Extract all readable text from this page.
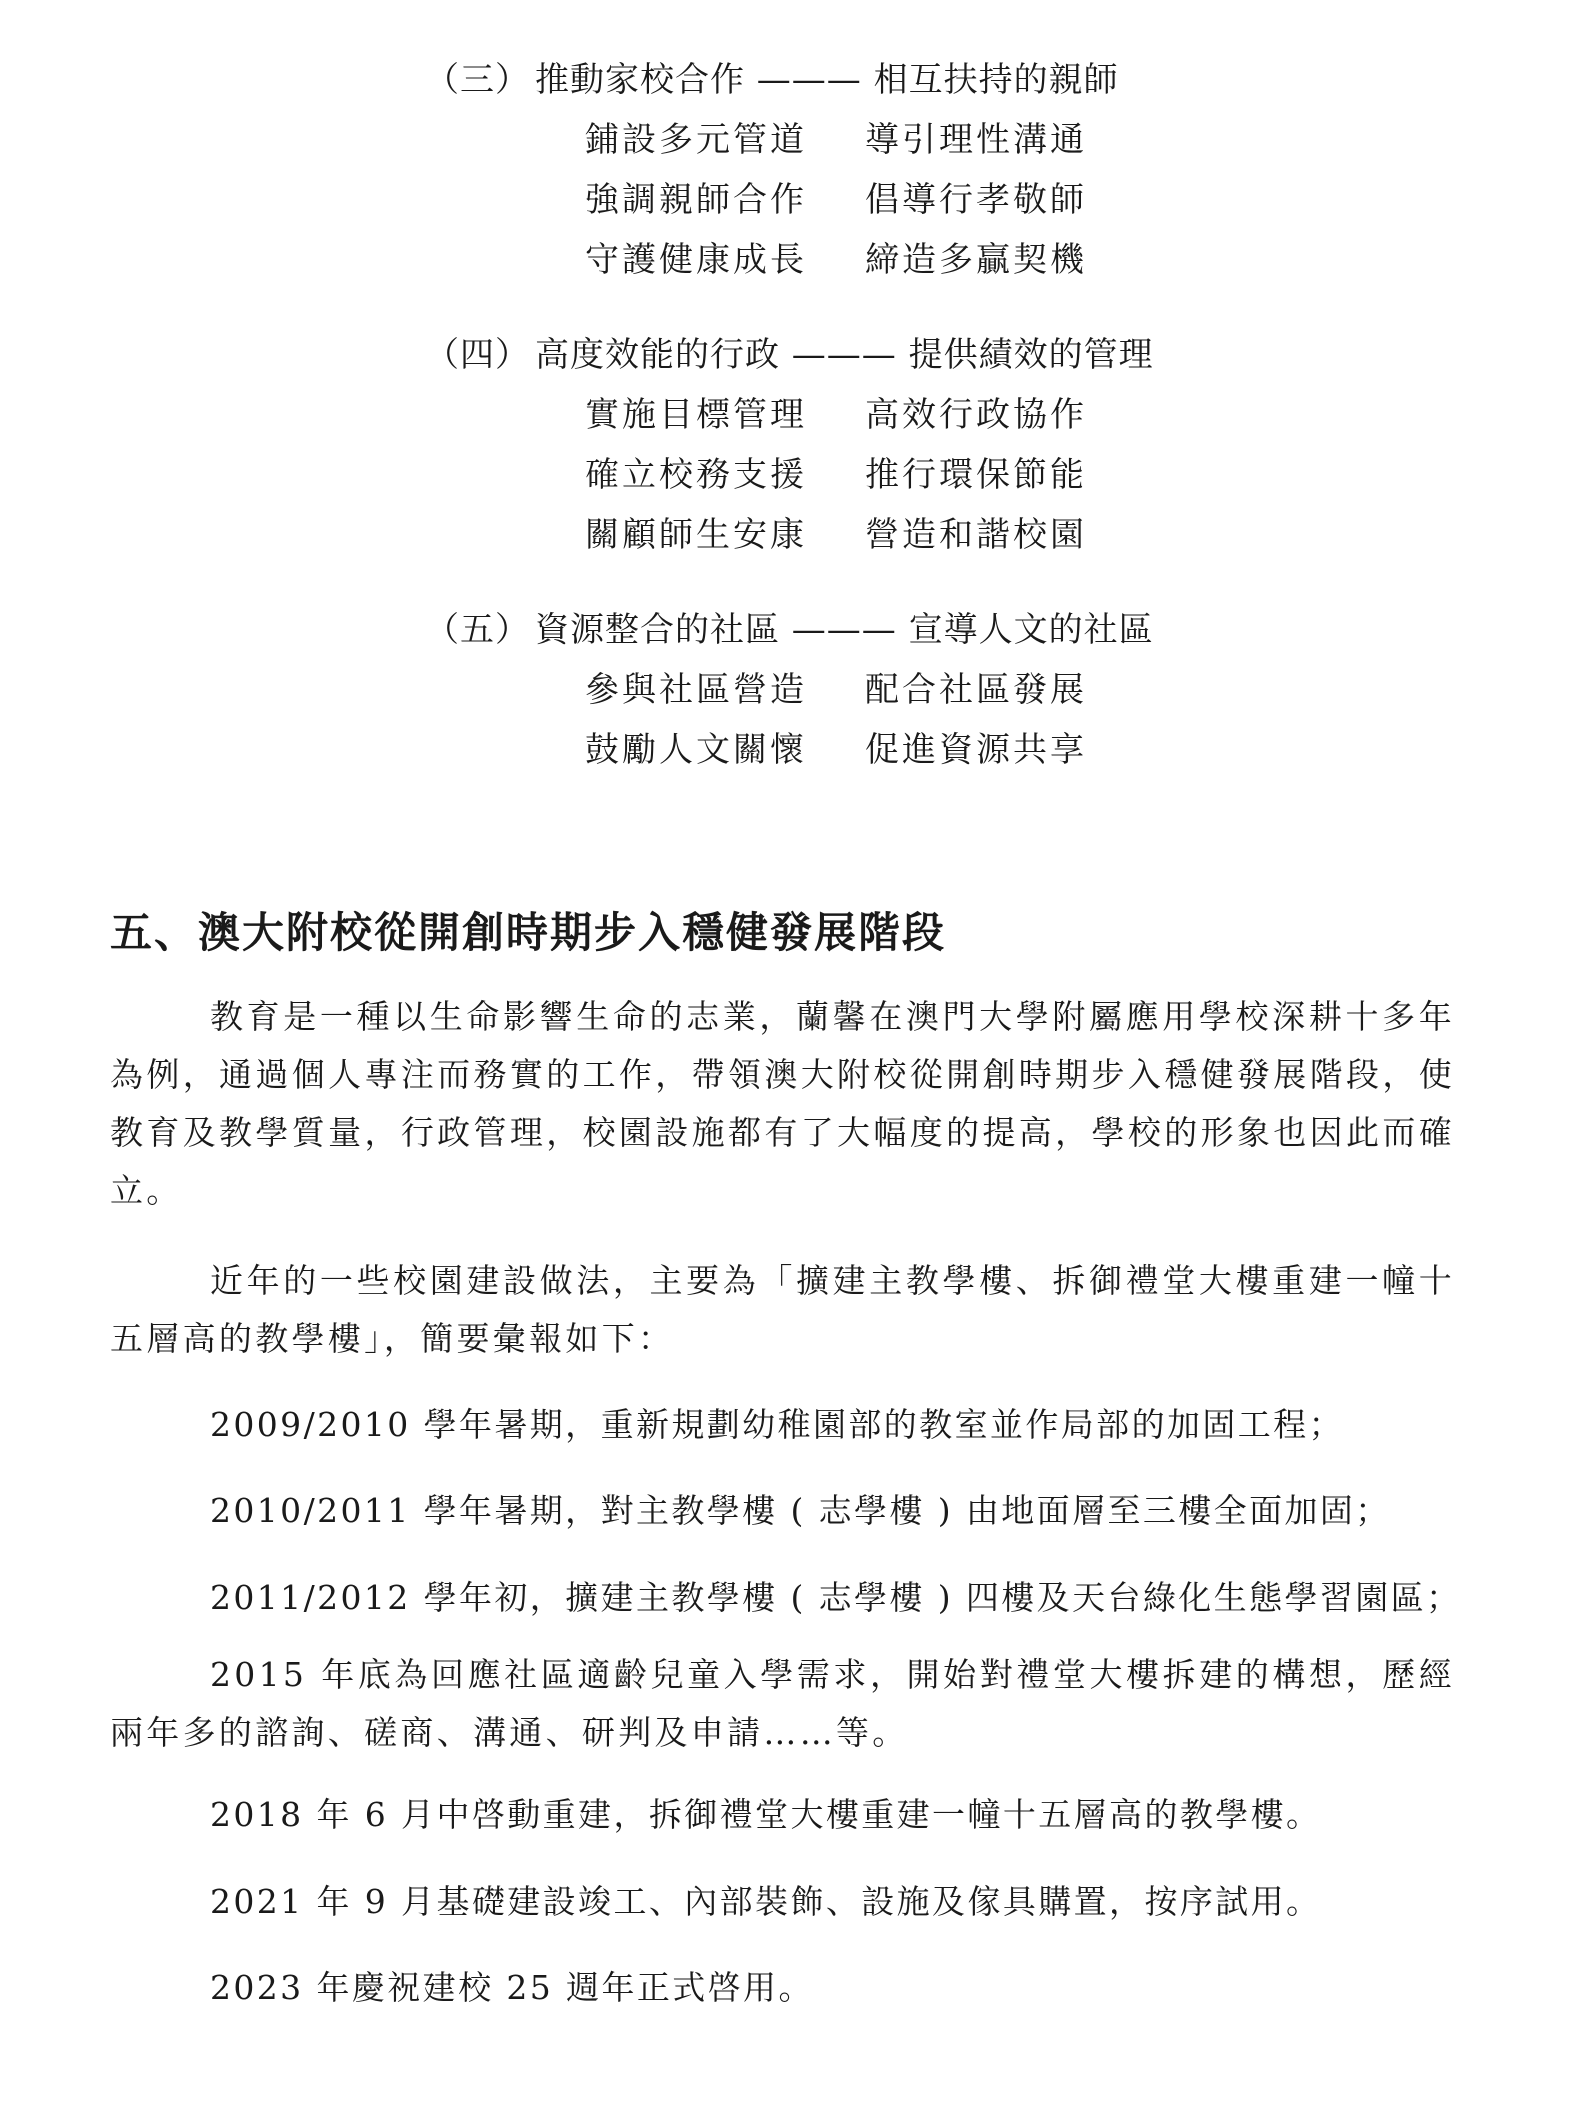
（三） 推動家校合作 ——— 相互扶持的親師
鋪設多元管道 導引理性溝通
強調親師合作 倡導行孝敬師
守護健康成長 締造多贏契機
（四） 高度效能的行政 ——— 提供績效的管理
實施目標管理 高效行政協作
確立校務支援 推行環保節能
關顧師生安康 營造和諧校園
（五） 資源整合的社區 ——— 宣導人文的社區
參與社區營造 配合社區發展
鼓勵人文關懷 促進資源共享
五、澳大附校從開創時期步入穩健發展階段
教育是一種以生命影響生命的志業，蘭馨在澳門大學附屬應用學校深耕十多年為例，通過個人專注而務實的工作，帶領澳大附校從開創時期步入穩健發展階段，使教育及教學質量，行政管理，校園設施都有了大幅度的提高，學校的形象也因此而確立。
近年的一些校園建設做法，主要為「擴建主教學樓、拆御禮堂大樓重建一幢十五層高的教學樓」，簡要彙報如下：
2009/2010 學年暑期，重新規劃幼稚園部的教室並作局部的加固工程；
2010/2011 學年暑期，對主教學樓 ( 志學樓 ) 由地面層至三樓全面加固；
2011/2012 學年初，擴建主教學樓 ( 志學樓 ) 四樓及天台綠化生態學習園區；
2015 年底為回應社區適齡兒童入學需求，開始對禮堂大樓拆建的構想，歷經兩年多的諮詢、磋商、溝通、研判及申請……等。
2018 年 6 月中啓動重建，拆御禮堂大樓重建一幢十五層高的教學樓。
2021 年 9 月基礎建設竣工、內部裝飾、設施及傢具購置，按序試用。
2023 年慶祝建校 25 週年正式啓用。
